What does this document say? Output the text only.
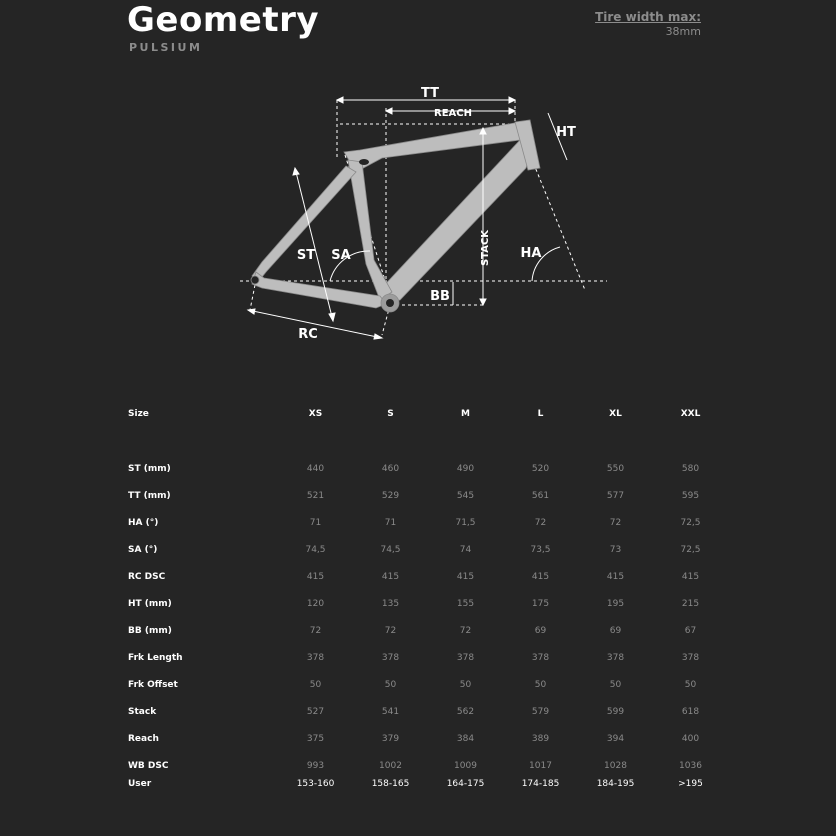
Geometry
PULSIUM
Tire width max:
38mm
TT
REACH
HT
ST SA	STACK HA
BB
RC
Size	XS	S	M	L	XL	XXL

ST (mm)	440	460	490	520	550	580
TT (mm)	521	529	545	561	577	595
HA (°)	71	71	71,5	72	72	72,5
SA (°)	74,5	74,5	74	73,5	73	72,5
RC DSC	415	415	415	415	415	415
HT (mm)	120	135	155	175	195	215
BB (mm)	72	72	72	69	69	67
Frk Length	378	378	378	378	378	378
Frk Offset	50	50	50	50	50	50
Stack	527	541	562	579	599	618
Reach	375	379	384	389	394	400
WB DSC	993	1002	1009	1017	1028	1036
User	153-160	158-165	164-175	174-185	184-195	>195
